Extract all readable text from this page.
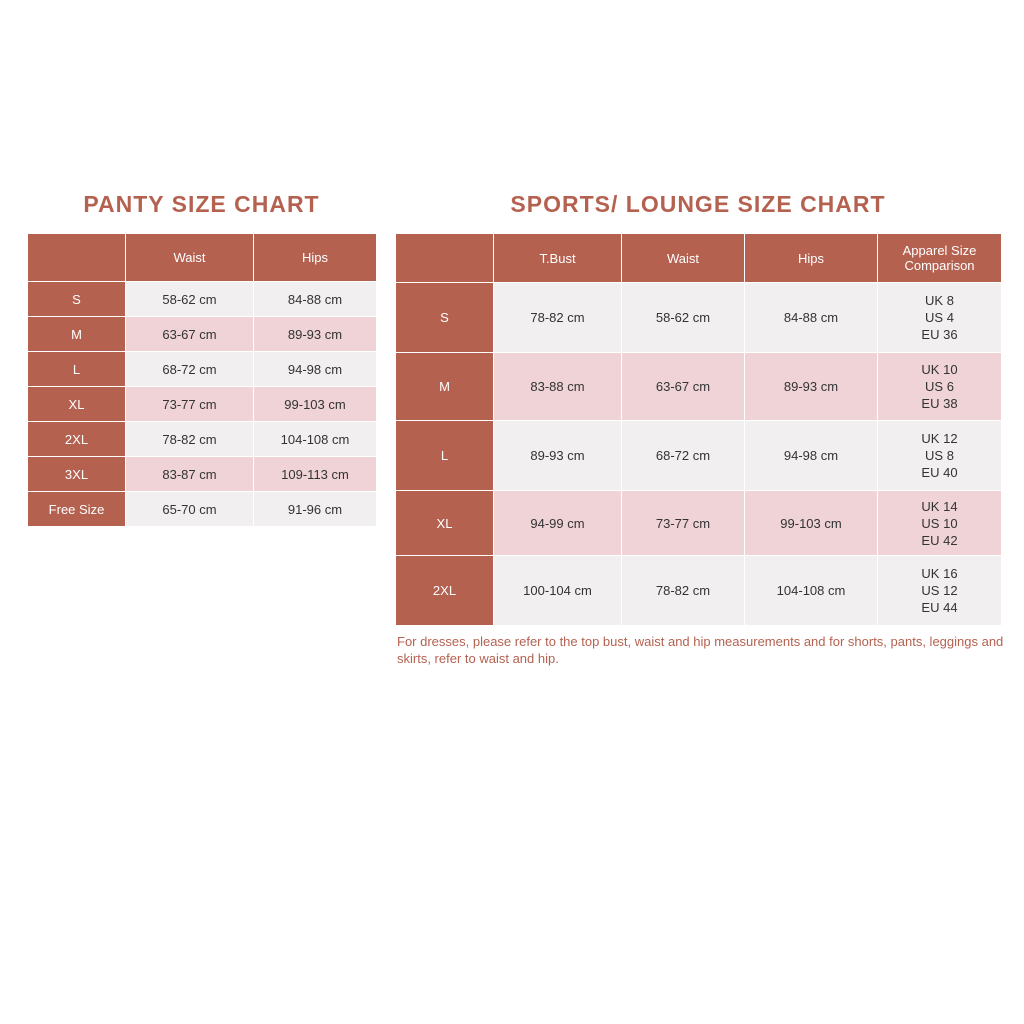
PANTY SIZE CHART
	Waist	Hips
S	58-62 cm	84-88 cm
M	63-67 cm	89-93 cm
L	68-72 cm	94-98 cm
XL	73-77 cm	99-103 cm
2XL	78-82 cm	104-108 cm
3XL	83-87 cm	109-113 cm
Free Size	65-70 cm	91-96 cm
SPORTS/ LOUNGE SIZE CHART
	T.Bust	Waist	Hips	Apparel Size Comparison
S	78-82 cm	58-62 cm	84-88 cm	UK 8
US 4
EU 36

M	83-88 cm	63-67 cm	89-93 cm	UK 10
US 6
EU 38

L	89-93 cm	68-72 cm	94-98 cm	UK 12
US 8
EU 40

XL	94-99 cm	73-77 cm	99-103 cm	UK 14
US 10
EU 42

2XL	100-104 cm	78-82 cm	104-108 cm	UK 16
US 12
EU 44

For dresses, please refer to the top bust, waist and hip measurements and for shorts, pants, leggings and skirts, refer to waist and hip.
